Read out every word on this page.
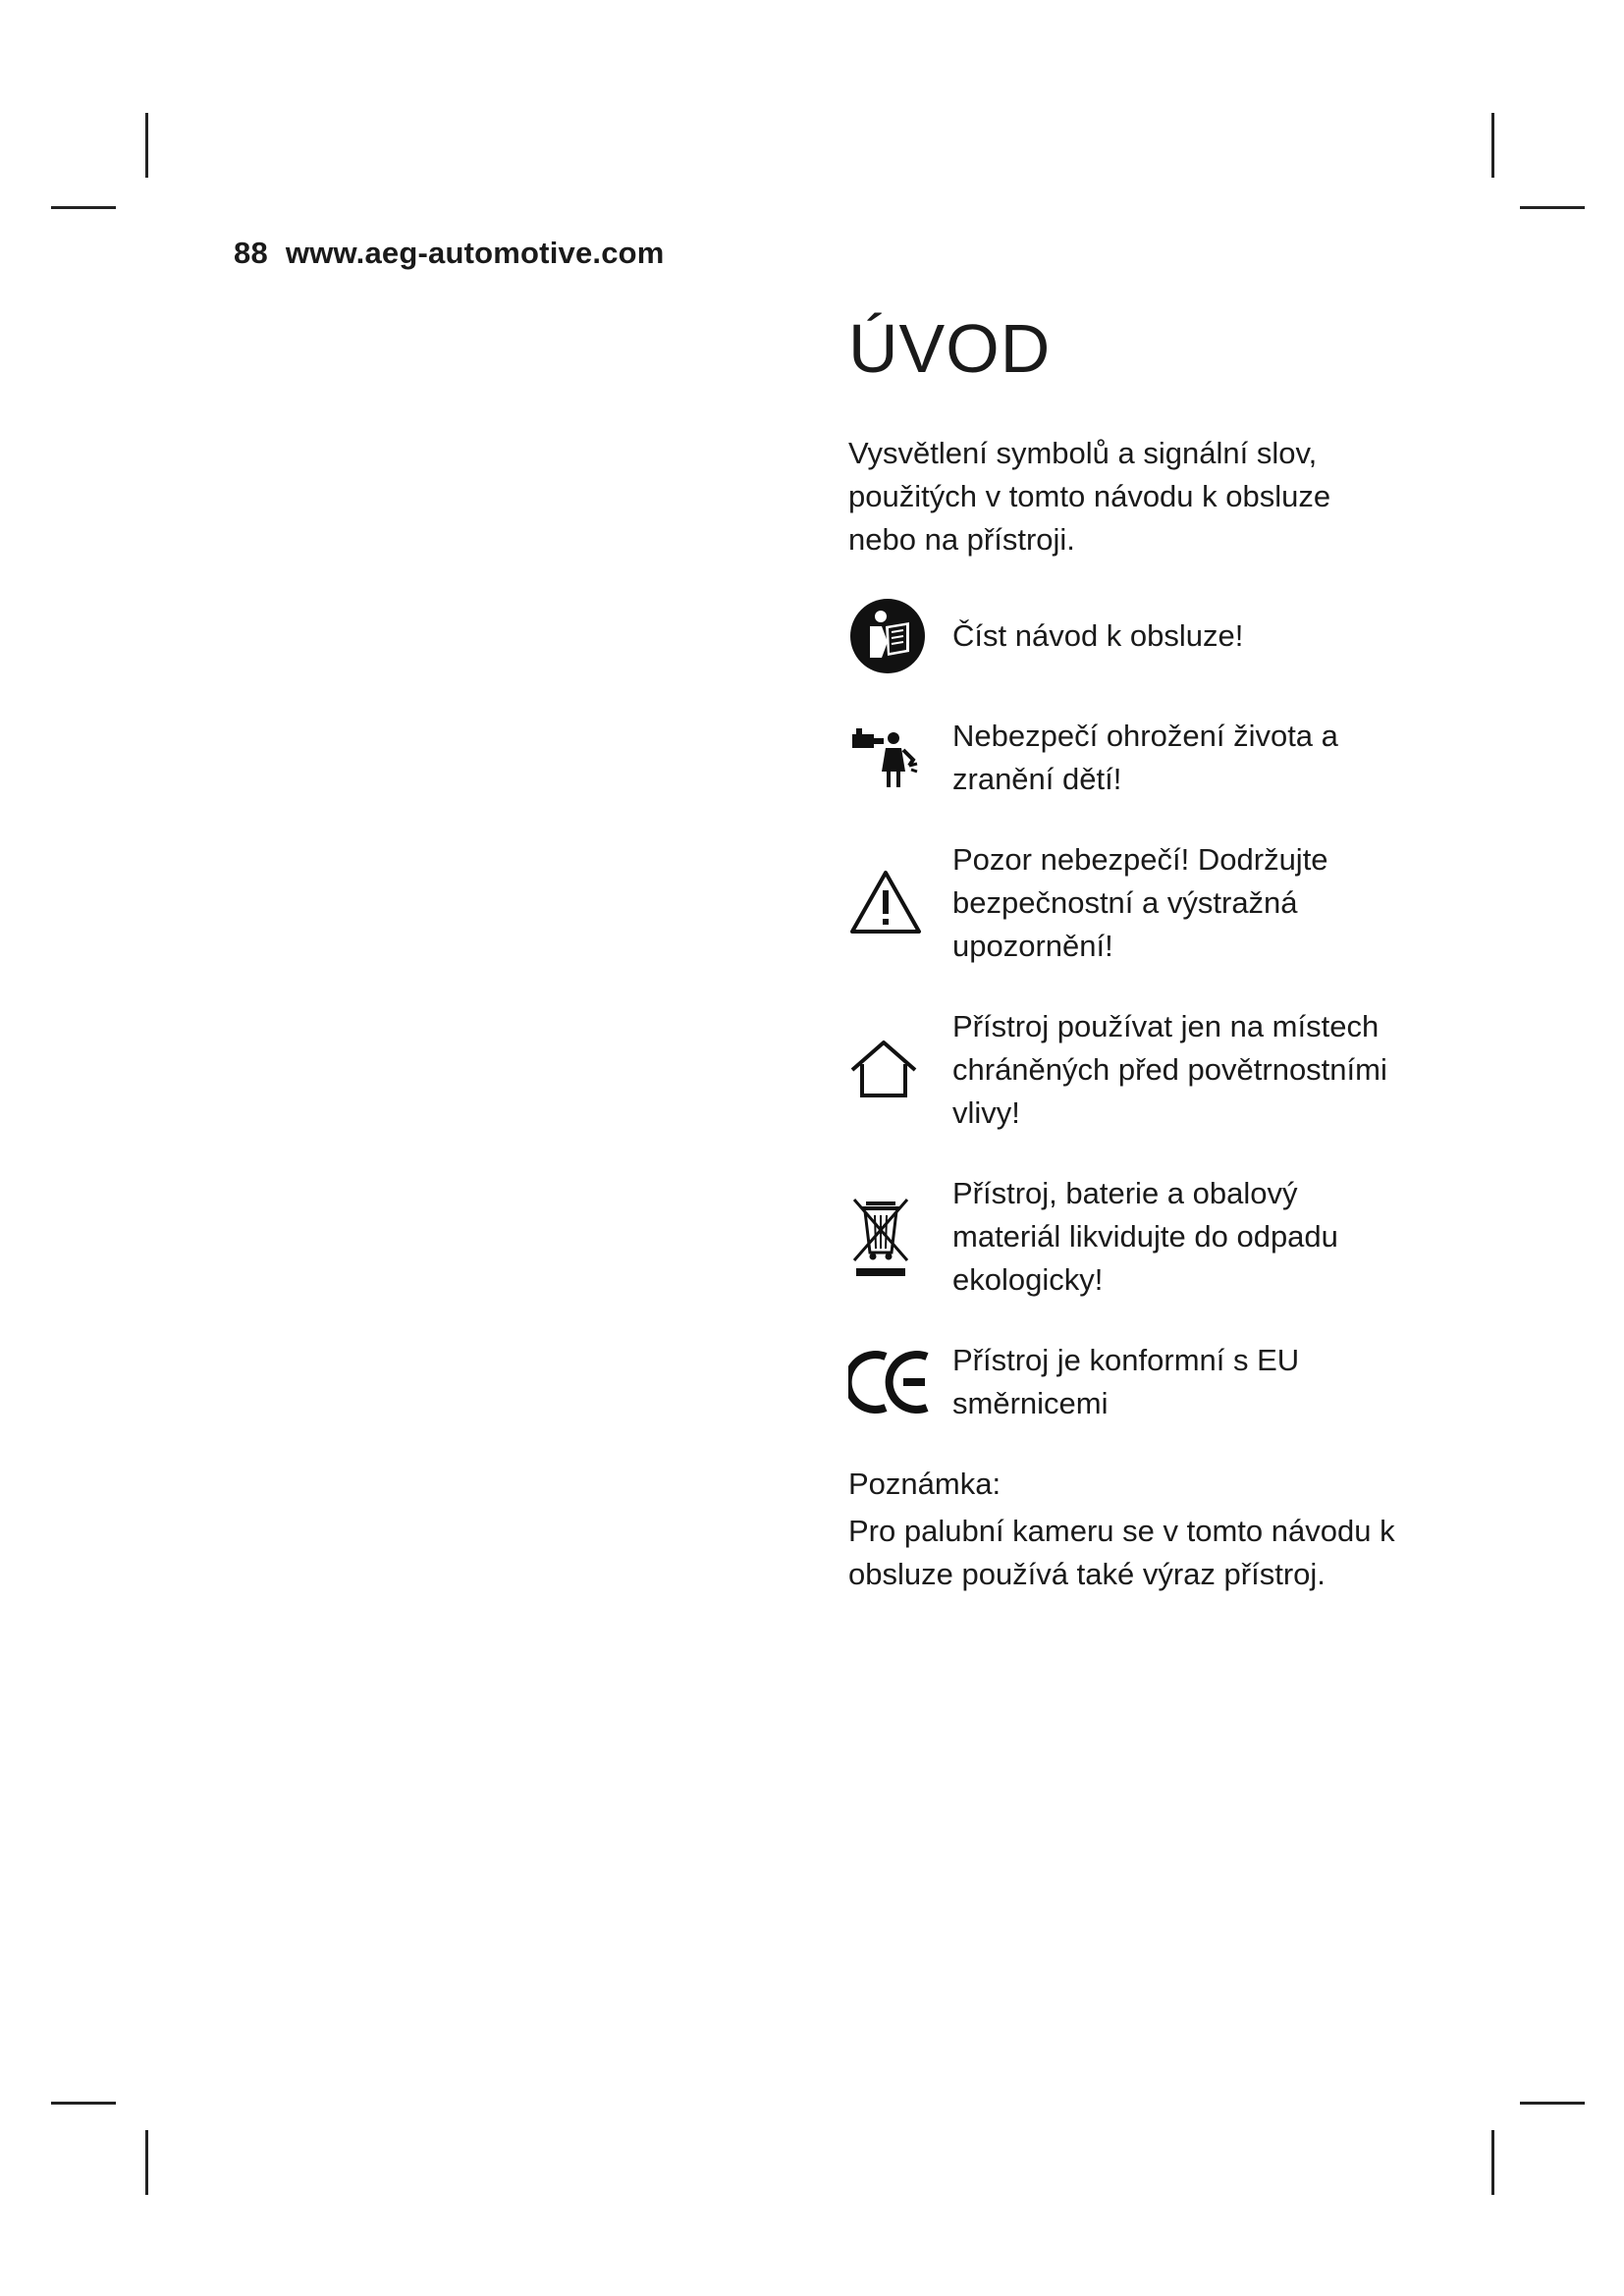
88 www.aeg-automotive.com
ÚVOD
Vysvětlení symbolů a signální slov, použitých v tomto návodu k obsluze nebo na přístroji.
Číst návod k obsluze!
Nebezpečí ohrožení života a zranění dětí!
Pozor nebezpečí! Dodržujte bezpečnostní a výstražná upozornění!
Přístroj používat jen na místech chráněných před povětrnostními vlivy!
Přístroj, baterie a obalový materiál likvidujte do odpadu ekologicky!
Přístroj je konformní s EU směrnicemi
Poznámka:
Pro palubní kameru se v tomto návodu k obsluze používá také výraz přístroj.
